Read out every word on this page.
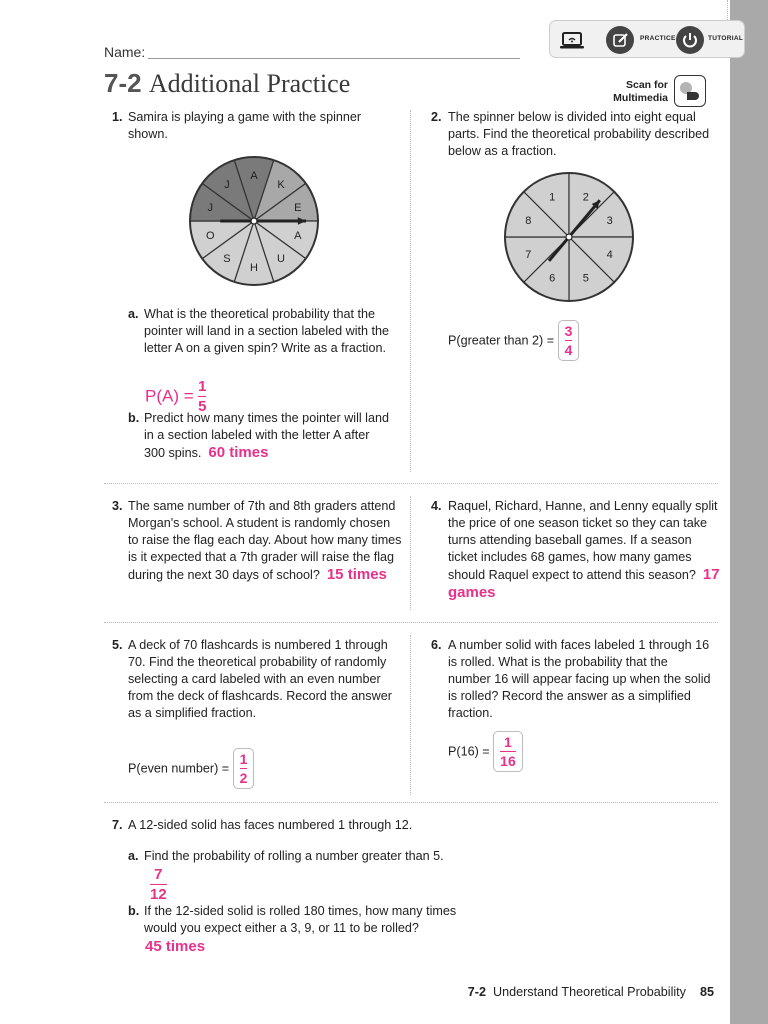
PRACTICE	TUTORIAL
Name:
7-2 Additional Practice	Scan for
Multimedia
1. Samira is playing a game with the spinner shown.
A
K
E
A
U
H
S
O
J
J
a. What is the theoretical probability that the pointer will land in a section labeled with the letter A on a given spin? Write as a fraction.
$P(A) = \frac{1}{5}$
b. Predict how many times the pointer will land in a section labeled with the letter A after 300 spins. 60 times
2. The spinner below is divided into eight equal parts. Find the theoretical probability described below as a fraction.
1	2
3
4
5
6
7
8
P(greater than $2) = \frac{3}{4}$
3. The same number of 7th and 8th graders attend Morgan's school. A student is randomly chosen to raise the flag each day. About how many times is it expected that a 7th grader will raise the flag during the next 30 days of school? 15 times
4. Raquel, Richard, Hanne, and Lenny equally split the price of one season ticket so they can take turns attending baseball games. If a season ticket includes 68 games, how many games should Raquel expect to attend this season? 17 games
5. A deck of 70 flashcards is numbered 1 through 70. Find the theoretical probability of randomly selecting a card labeled with an even number from the deck of flashcards. Record the answer as a simplified fraction.
P(even number) = $\frac{1}{2}$
6. A number solid with faces labeled 1 through 16 is rolled. What is the probability that the number 16 will appear facing up when the solid is rolled? Record the answer as a simplified fraction.
$P(16) = \frac{1}{16}$
7. A 12-sided solid has faces numbered 1 through 12.
a. Find the probability of rolling a number greater than 5.
$\frac{7}{12}$
b. If the 12-sided solid is rolled 180 times, how many times would you expect either a 3, 9, or 11 to be rolled?
45 times
7-2 Understand Theoretical Probability 85
